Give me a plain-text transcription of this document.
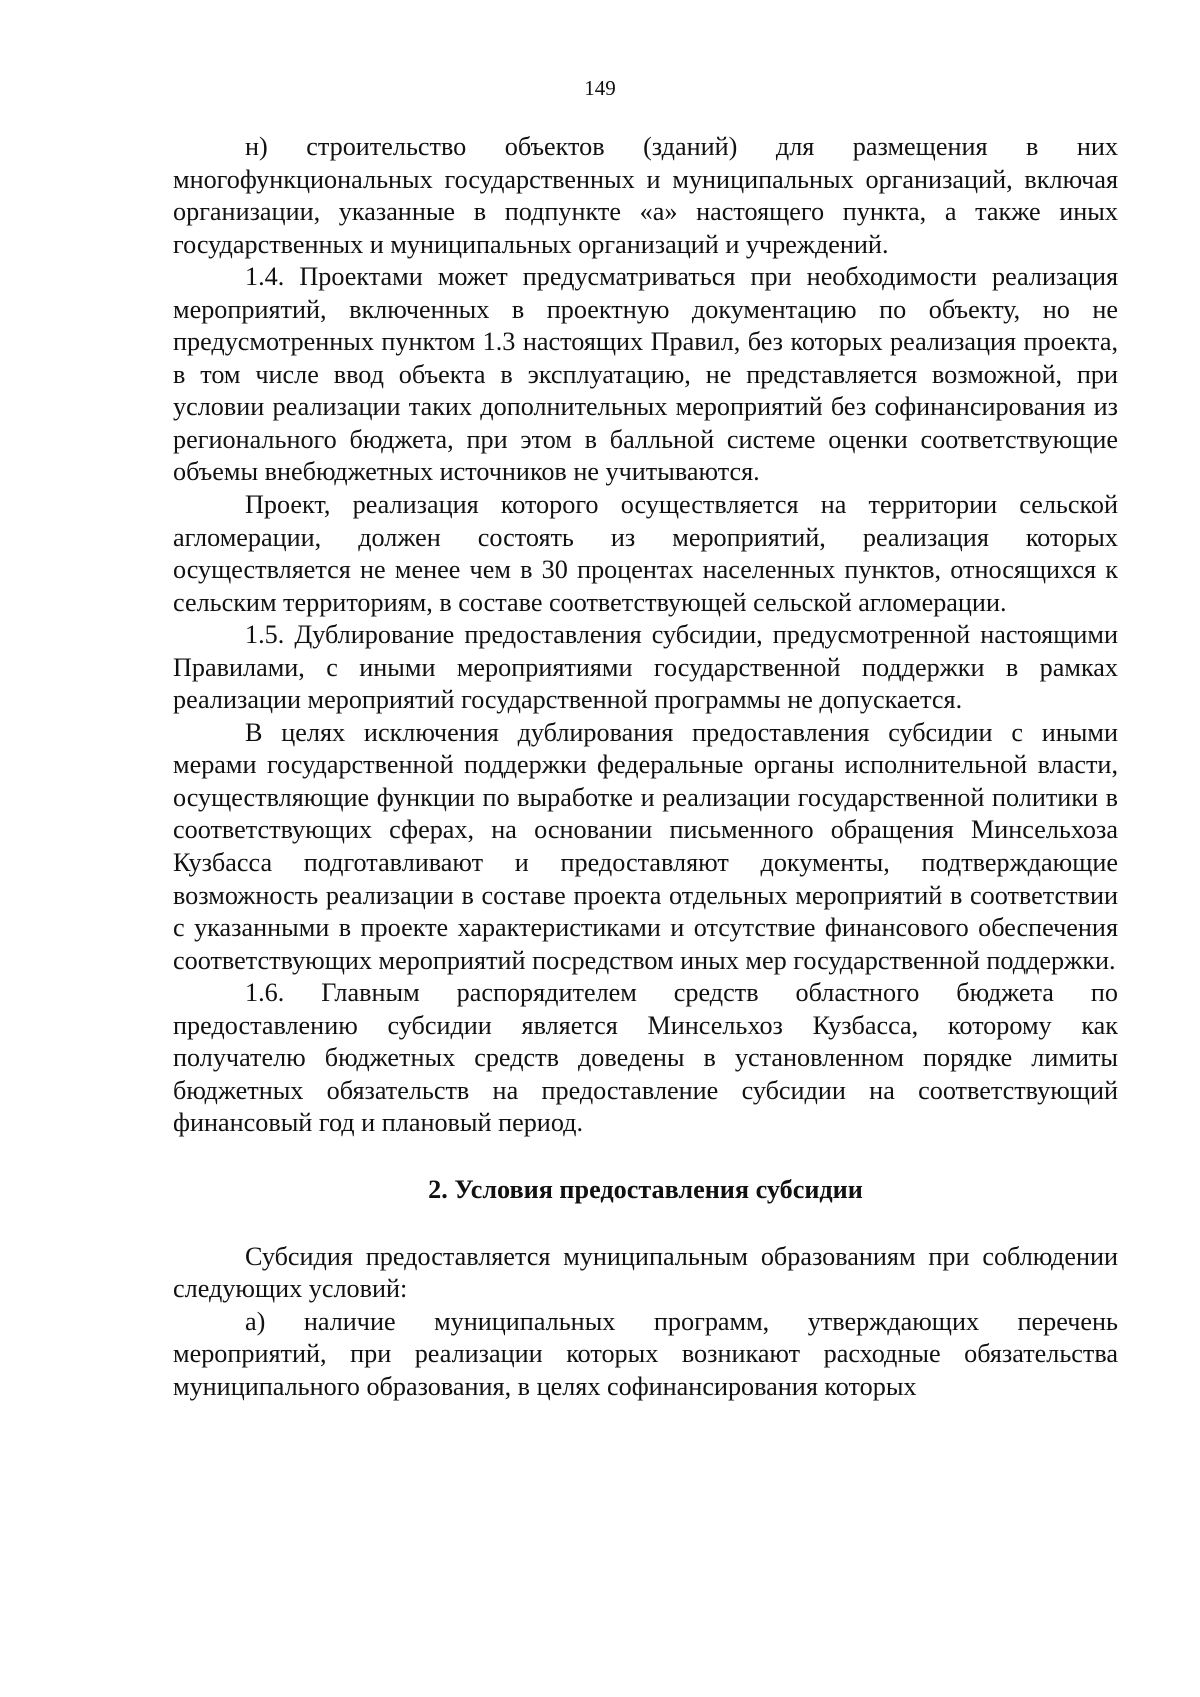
149

н) строительство объектов (зданий) для размещения в них многофункциональных государственных и муниципальных организаций, включая организации, указанные в подпункте «а» настоящего пункта, а также иных государственных и муниципальных организаций и учреждений.

1.4. Проектами может предусматриваться при необходимости реализация мероприятий, включенных в проектную документацию по объекту, но не предусмотренных пунктом 1.3 настоящих Правил, без которых реализация проекта, в том числе ввод объекта в эксплуатацию, не представляется возможной, при условии реализации таких дополнительных мероприятий без софинансирования из регионального бюджета, при этом в балльной системе оценки соответствующие объемы внебюджетных источников не учитываются.

Проект, реализация которого осуществляется на территории сельской агломерации, должен состоять из мероприятий, реализация которых осуществляется не менее чем в 30 процентах населенных пунктов, относящихся к сельским территориям, в составе соответствующей сельской агломерации.

1.5. Дублирование предоставления субсидии, предусмотренной настоящими Правилами, с иными мероприятиями государственной поддержки в рамках реализации мероприятий государственной программы не допускается.

В целях исключения дублирования предоставления субсидии с иными мерами государственной поддержки федеральные органы исполнительной власти, осуществляющие функции по выработке и реализации государственной политики в соответствующих сферах, на основании письменного обращения Минсельхоза Кузбасса подготавливают и предоставляют документы, подтверждающие возможность реализации в составе проекта отдельных мероприятий в соответствии с указанными в проекте характеристиками и отсутствие финансового обеспечения соответствующих мероприятий посредством иных мер государственной поддержки.

1.6. Главным распорядителем средств областного бюджета по предоставлению субсидии является Минсельхоз Кузбасса, которому как получателю бюджетных средств доведены в установленном порядке лимиты бюджетных обязательств на предоставление субсидии на соответствующий финансовый год и плановый период.

2. Условия предоставления субсидии

Субсидия предоставляется муниципальным образованиям при соблюдении следующих условий:

а) наличие муниципальных программ, утверждающих перечень мероприятий, при реализации которых возникают расходные обязательства муниципального образования, в целях софинансирования которых
